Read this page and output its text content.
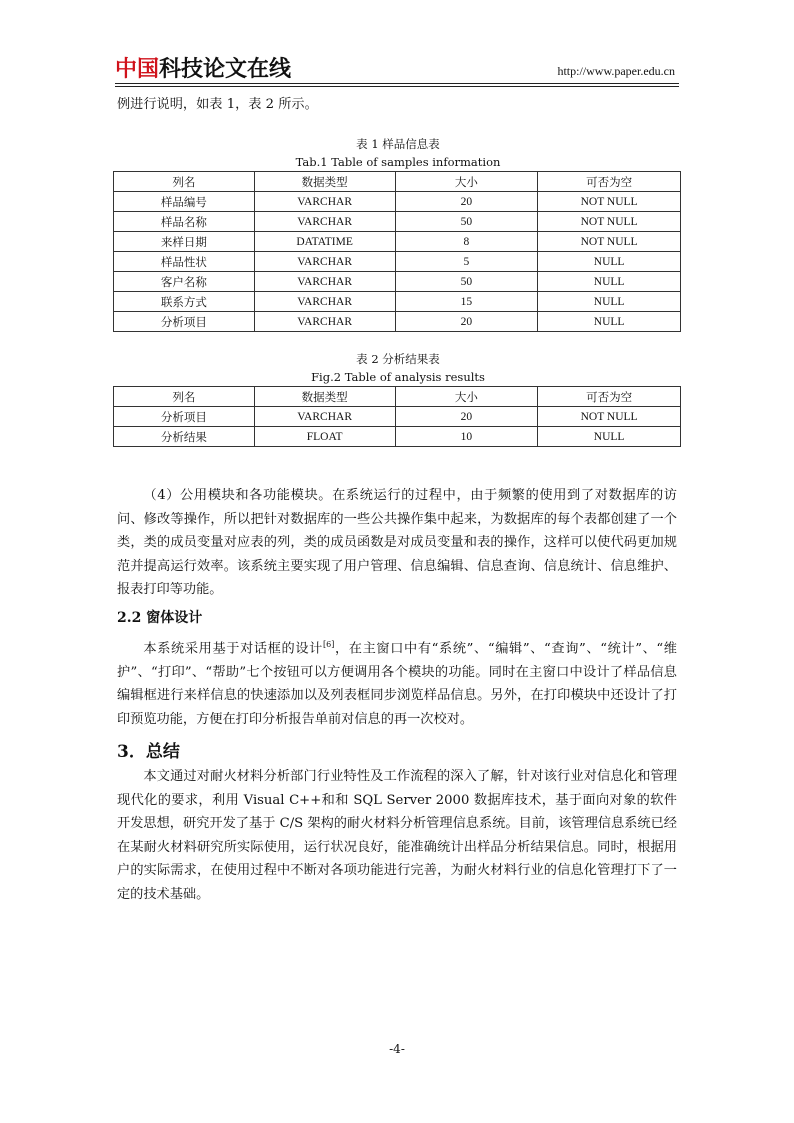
中国科技论文在线	http://www.paper.edu.cn
例进行说明，如表 1，表 2 所示。
表 1 样品信息表
Tab.1 Table of samples information
列名	数据类型	大小	可否为空
样品编号	VARCHAR	20	NOT NULL
样品名称	VARCHAR	50	NOT NULL
来样日期	DATATIME	8	NOT NULL
样品性状	VARCHAR	5	NULL
客户名称	VARCHAR	50	NULL
联系方式	VARCHAR	15	NULL
分析项目	VARCHAR	20	NULL
表 2 分析结果表
Fig.2 Table of analysis results
列名	数据类型	大小	可否为空
分析项目	VARCHAR	20	NOT NULL
分析结果	FLOAT	10	NULL
（4）公用模块和各功能模块。在系统运行的过程中，由于频繁的使用到了对数据库的访问、修改等操作，所以把针对数据库的一些公共操作集中起来，为数据库的每个表都创建了一个类，类的成员变量对应表的列，类的成员函数是对成员变量和表的操作，这样可以使代码更加规范并提高运行效率。该系统主要实现了用户管理、信息编辑、信息查询、信息统计、信息维护、报表打印等功能。
2.2 窗体设计
本系统采用基于对话框的设计[6]，在主窗口中有“系统”、“编辑”、“查询”、“统计”、“维护”、“打印”、“帮助”七个按钮可以方便调用各个模块的功能。同时在主窗口中设计了样品信息编辑框进行来样信息的快速添加以及列表框同步浏览样品信息。另外，在打印模块中还设计了打印预览功能，方便在打印分析报告单前对信息的再一次校对。
3．总结
本文通过对耐火材料分析部门行业特性及工作流程的深入了解，针对该行业对信息化和管理现代化的要求，利用 Visual C++和和 SQL Server 2000 数据库技术，基于面向对象的软件开发思想，研究开发了基于 C/S 架构的耐火材料分析管理信息系统。目前，该管理信息系统已经在某耐火材料研究所实际使用，运行状况良好，能准确统计出样品分析结果信息。同时，根据用户的实际需求，在使用过程中不断对各项功能进行完善，为耐火材料行业的信息化管理打下了一定的技术基础。
-4-
